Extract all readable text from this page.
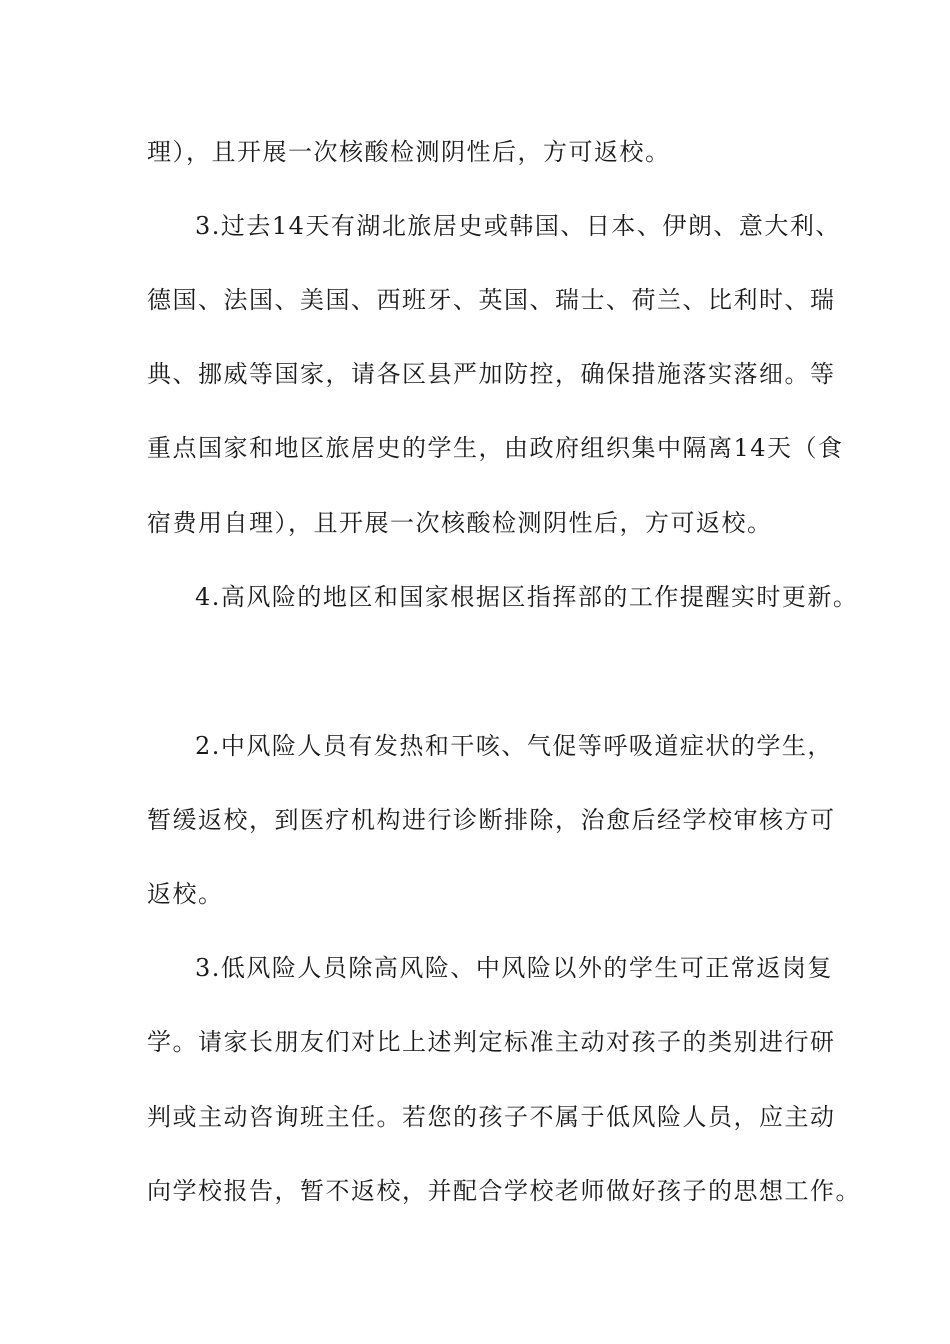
理），且开展一次核酸检测阴性后，方可返校。

3.过去14天有湖北旅居史或韩国、日本、伊朗、意大利、

德国、法国、美国、西班牙、英国、瑞士、荷兰、比利时、瑞

典、挪威等国家，请各区县严加防控，确保措施落实落细。等

重点国家和地区旅居史的学生，由政府组织集中隔离14天（食

宿费用自理），且开展一次核酸检测阴性后，方可返校。

4.高风险的地区和国家根据区指挥部的工作提醒实时更新。

2.中风险人员有发热和干咳、气促等呼吸道症状的学生，

暂缓返校，到医疗机构进行诊断排除，治愈后经学校审核方可

返校。

3.低风险人员除高风险、中风险以外的学生可正常返岗复

学。请家长朋友们对比上述判定标准主动对孩子的类别进行研

判或主动咨询班主任。若您的孩子不属于低风险人员，应主动

向学校报告，暂不返校，并配合学校老师做好孩子的思想工作。
